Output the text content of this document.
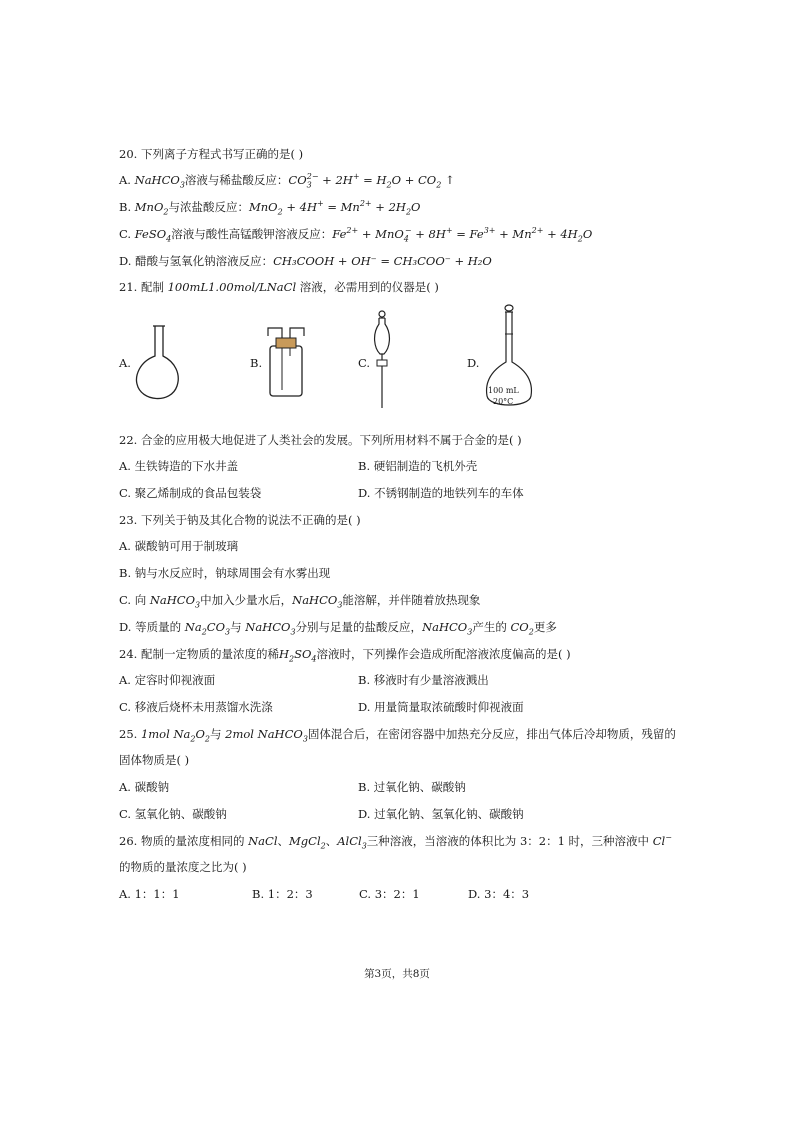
20. 下列离子方程式书写正确的是( )
A. NaHCO$_3$溶液与稀盐酸反应：$CO_3^{2-} + 2H^+ = H_2O + CO_2$ ↑
B. MnO$_2$与浓盐酸反应：$MnO_2 + 4H^+ = Mn^{2+} + 2H_2O$
C. FeSO$_4$溶液与酸性高锰酸钾溶液反应：$Fe^{2+} + MnO_4^- + 8H^+ = Fe^{3+} + Mn^{2+} + 4H_2O$
D. 醋酸与氢氧化钠溶液反应：CH₃COOH + OH⁻ = CH₃COO⁻ + H₂O
21. 配制 100mL1.00mol/LNaCl 溶液，必需用到的仪器是( )
A.	B.	C.	D.
100 mL
20°C
22. 合金的应用极大地促进了人类社会的发展。下列所用材料不属于合金的是( )
A. 生铁铸造的下水井盖	B. 硬铝制造的飞机外壳
C. 聚乙烯制成的食品包装袋	D. 不锈钢制造的地铁列车的车体
23. 下列关于钠及其化合物的说法不正确的是( )
A. 碳酸钠可用于制玻璃
B. 钠与水反应时，钠球周围会有水雾出现
C. 向 NaHCO$_3$中加入少量水后，NaHCO$_3$能溶解，并伴随着放热现象
D. 等质量的 $Na_2CO_3$与 NaHCO$_3$分别与足量的盐酸反应，NaHCO$_3$产生的 $CO_2$更多
24. 配制一定物质的量浓度的稀$H_2SO_4$溶液时，下列操作会造成所配溶液浓度偏高的是( )
A. 定容时仰视液面	B. 移液时有少量溶液溅出
C. 移液后烧杯未用蒸馏水洗涤	D. 用量筒量取浓硫酸时仰视液面
25. 1mol $Na_2O_2$与 2mol NaHCO$_3$固体混合后，在密闭容器中加热充分反应，排出气体后冷却物质，残留的
固体物质是( )
A. 碳酸钠	B. 过氧化钠、碳酸钠
C. 氢氧化钠、碳酸钠	D. 过氧化钠、氢氧化钠、碳酸钠
26. 物质的量浓度相同的 NaCl、MgCl$_2$、AlCl$_3$三种溶液，当溶液的体积比为 3：2：1 时，三种溶液中 Cl−
的物质的量浓度之比为( )
A. 1：1：1	B. 1：2：3	C. 3：2：1	D. 3：4：3
第3页，共8页
